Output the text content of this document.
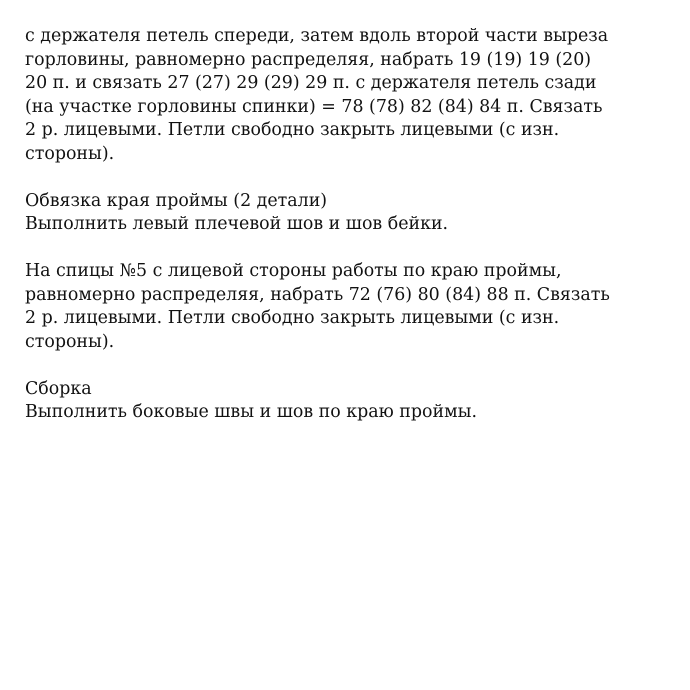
с держателя петель спереди, затем вдоль второй части выреза
горловины, равномерно распределяя, набрать 19 (19) 19 (20)
20 п. и связать 27 (27) 29 (29) 29 п. с держателя петель сзади
(на участке горловины спинки) = 78 (78) 82 (84) 84 п. Связать
2 р. лицевыми. Петли свободно закрыть лицевыми (с изн.
стороны).
Обвязка края проймы (2 детали)
Выполнить левый плечевой шов и шов бейки.
На спицы №5 с лицевой стороны работы по краю проймы,
равномерно распределяя, набрать 72 (76) 80 (84) 88 п. Связать
2 р. лицевыми. Петли свободно закрыть лицевыми (с изн.
стороны).
Сборка
Выполнить боковые швы и шов по краю проймы.
